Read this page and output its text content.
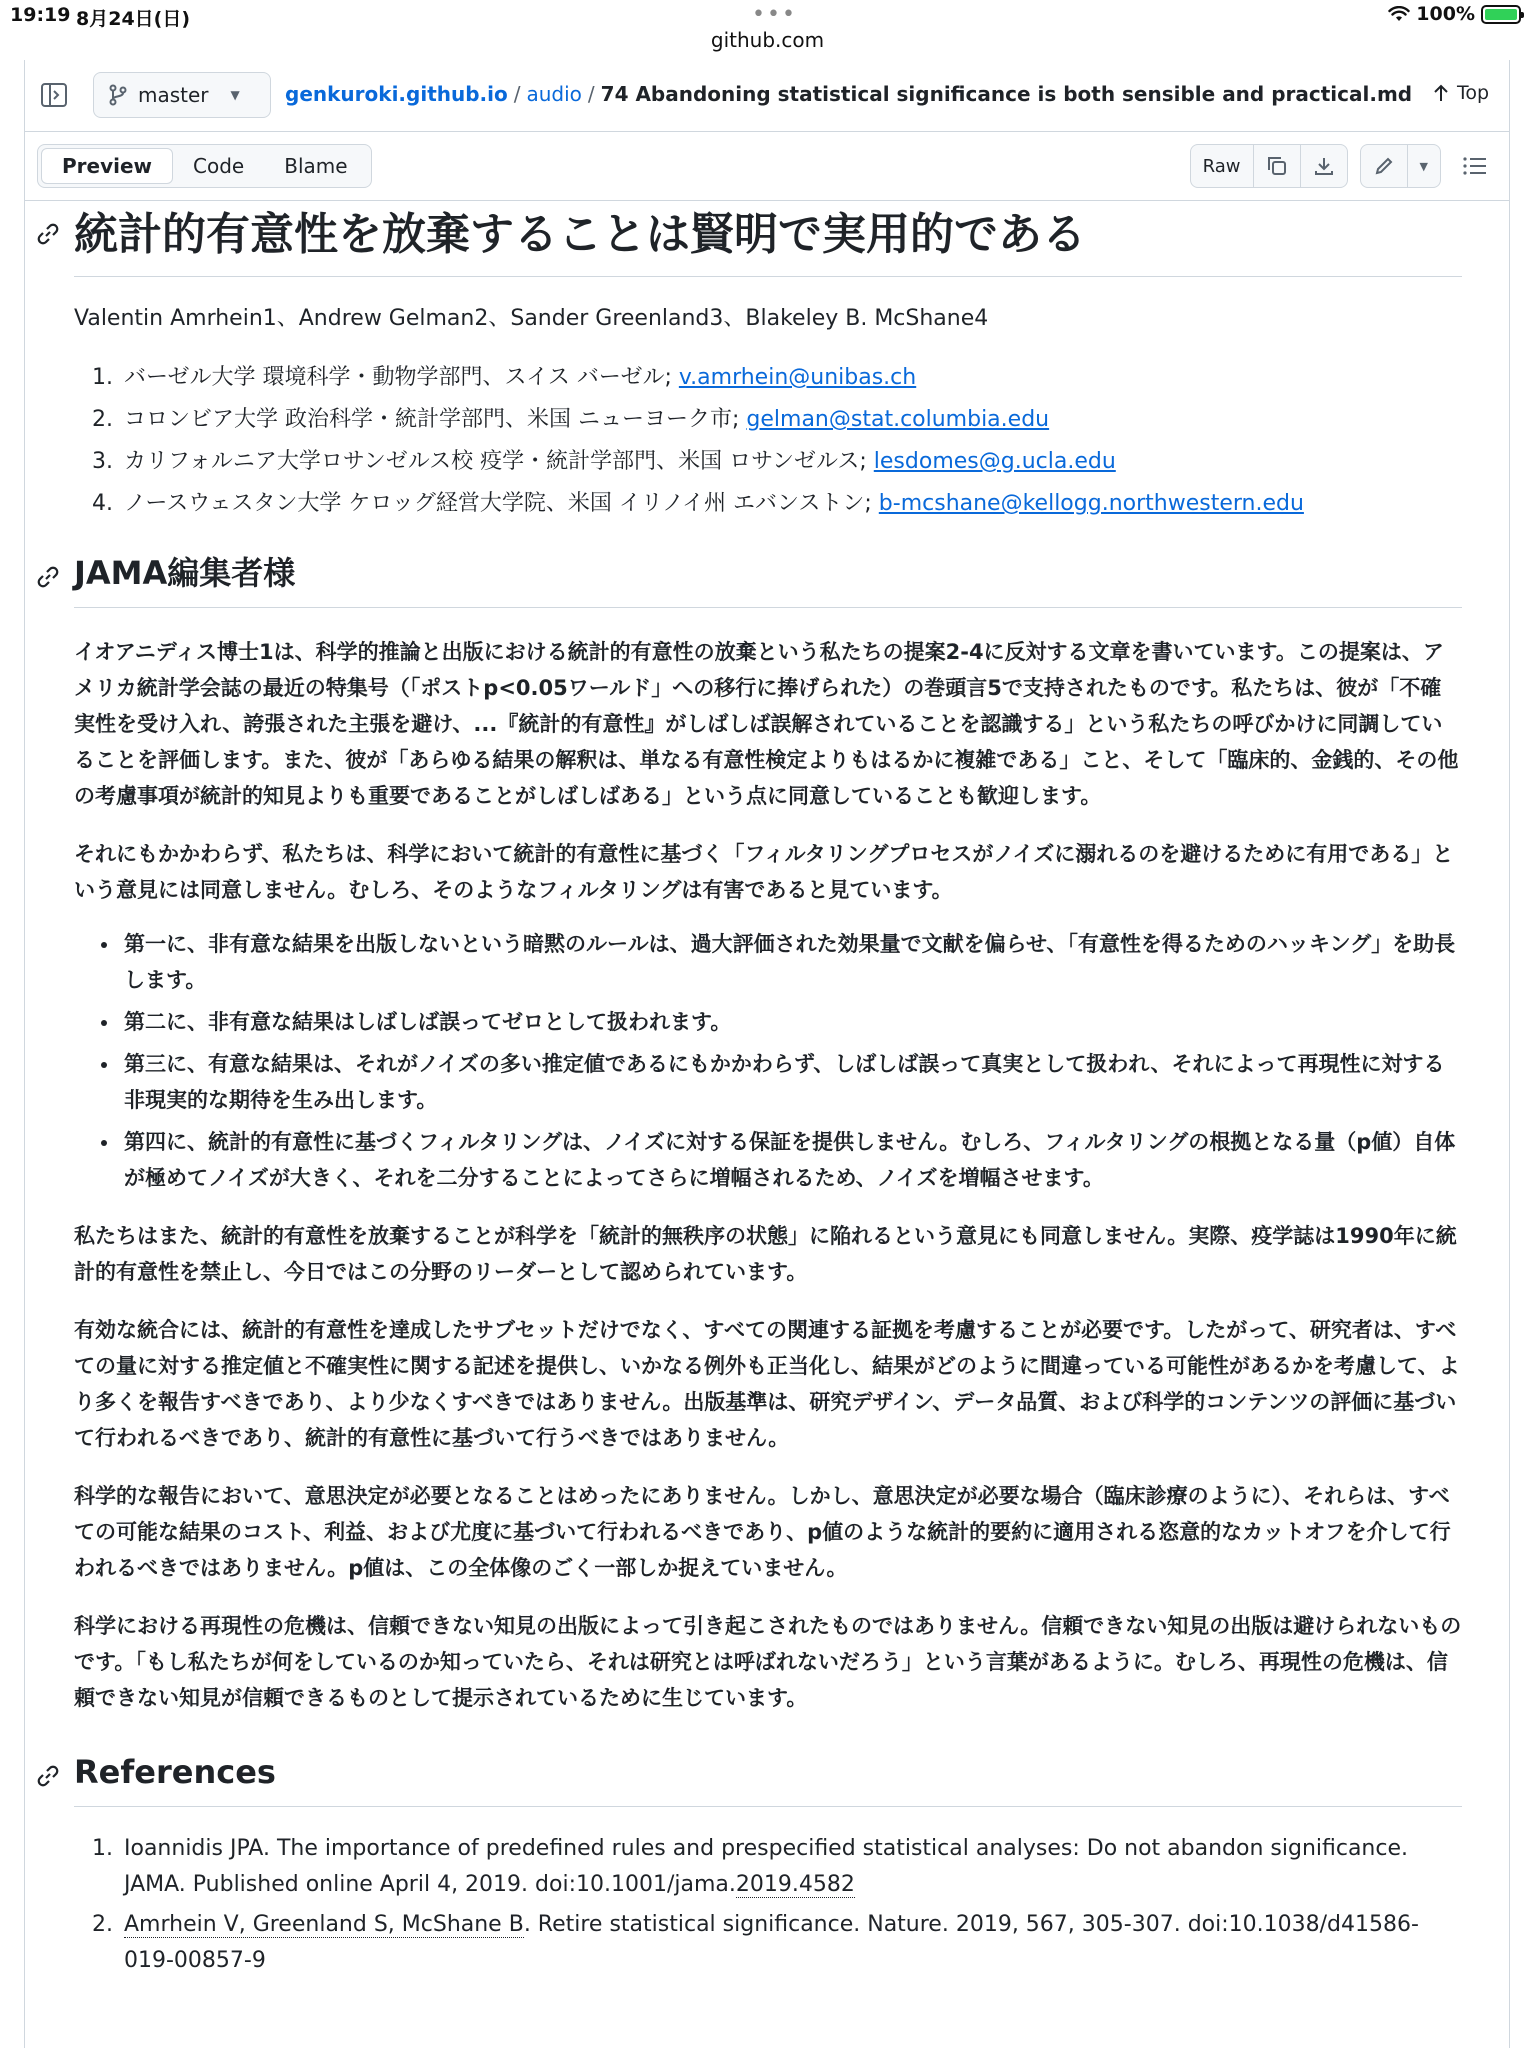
19:19 8月24日(日)	•••
github.com
100%
master ▼ genkuroki.github.io / audio / 74 Abandoning statistical significance is both sensible and practical.md Top
Preview	Code	Blame	Raw	▼
統計的有意性を放棄することは賢明で実用的である
Valentin Amrhein1、Andrew Gelman2、Sander Greenland3、Blakeley B. McShane4
1. バーゼル大学 環境科学・動物学部門、スイス バーゼル; v.amrhein@unibas.ch
2. コロンビア大学 政治科学・統計学部門、米国 ニューヨーク市; gelman@stat.columbia.edu
3. カリフォルニア大学ロサンゼルス校 疫学・統計学部門、米国 ロサンゼルス; lesdomes@g.ucla.edu
4. ノースウェスタン大学 ケロッグ経営大学院、米国 イリノイ州 エバンストン; b-mcshane@kellogg.northwestern.edu
JAMA編集者様
イオアニディス博士1は、科学的推論と出版における統計的有意性の放棄という私たちの提案2-4に反対する文章を書いています。この提案は、アメリカ統計学会誌の最近の特集号（「ポストp<0.05ワールド」への移行に捧げられた）の巻頭言5で支持されたものです。私たちは、彼が「不確実性を受け入れ、誇張された主張を避け、...『統計的有意性』がしばしば誤解されていることを認識する」という私たちの呼びかけに同調していることを評価します。また、彼が「あらゆる結果の解釈は、単なる有意性検定よりもはるかに複雑である」こと、そして「臨床的、金銭的、その他の考慮事項が統計的知見よりも重要であることがしばしばある」という点に同意していることも歓迎します。
それにもかかわらず、私たちは、科学において統計的有意性に基づく「フィルタリングプロセスがノイズに溺れるのを避けるために有用である」という意見には同意しません。むしろ、そのようなフィルタリングは有害であると見ています。
• 第一に、非有意な結果を出版しないという暗黙のルールは、過大評価された効果量で文献を偏らせ、「有意性を得るためのハッキング」を助長します。
• 第二に、非有意な結果はしばしば誤ってゼロとして扱われます。
• 第三に、有意な結果は、それがノイズの多い推定値であるにもかかわらず、しばしば誤って真実として扱われ、それによって再現性に対する非現実的な期待を生み出します。
• 第四に、統計的有意性に基づくフィルタリングは、ノイズに対する保証を提供しません。むしろ、フィルタリングの根拠となる量（p値）自体が極めてノイズが大きく、それを二分することによってさらに増幅されるため、ノイズを増幅させます。
私たちはまた、統計的有意性を放棄することが科学を「統計的無秩序の状態」に陥れるという意見にも同意しません。実際、疫学誌は1990年に統計的有意性を禁止し、今日ではこの分野のリーダーとして認められています。
有効な統合には、統計的有意性を達成したサブセットだけでなく、すべての関連する証拠を考慮することが必要です。したがって、研究者は、すべての量に対する推定値と不確実性に関する記述を提供し、いかなる例外も正当化し、結果がどのように間違っている可能性があるかを考慮して、より多くを報告すべきであり、より少なくすべきではありません。出版基準は、研究デザイン、データ品質、および科学的コンテンツの評価に基づいて行われるべきであり、統計的有意性に基づいて行うべきではありません。
科学的な報告において、意思決定が必要となることはめったにありません。しかし、意思決定が必要な場合（臨床診療のように）、それらは、すべての可能な結果のコスト、利益、および尤度に基づいて行われるべきであり、p値のような統計的要約に適用される恣意的なカットオフを介して行われるべきではありません。p値は、この全体像のごく一部しか捉えていません。
科学における再現性の危機は、信頼できない知見の出版によって引き起こされたものではありません。信頼できない知見の出版は避けられないものです。「もし私たちが何をしているのか知っていたら、それは研究とは呼ばれないだろう」という言葉があるように。むしろ、再現性の危機は、信頼できない知見が信頼できるものとして提示されているために生じています。
References
1. Ioannidis JPA. The importance of predefined rules and prespecified statistical analyses: Do not abandon significance. JAMA. Published online April 4, 2019. doi:10.1001/jama.2019.4582
2. Amrhein V, Greenland S, McShane B. Retire statistical significance. Nature. 2019, 567, 305-307. doi:10.1038/d41586-019-00857-9
